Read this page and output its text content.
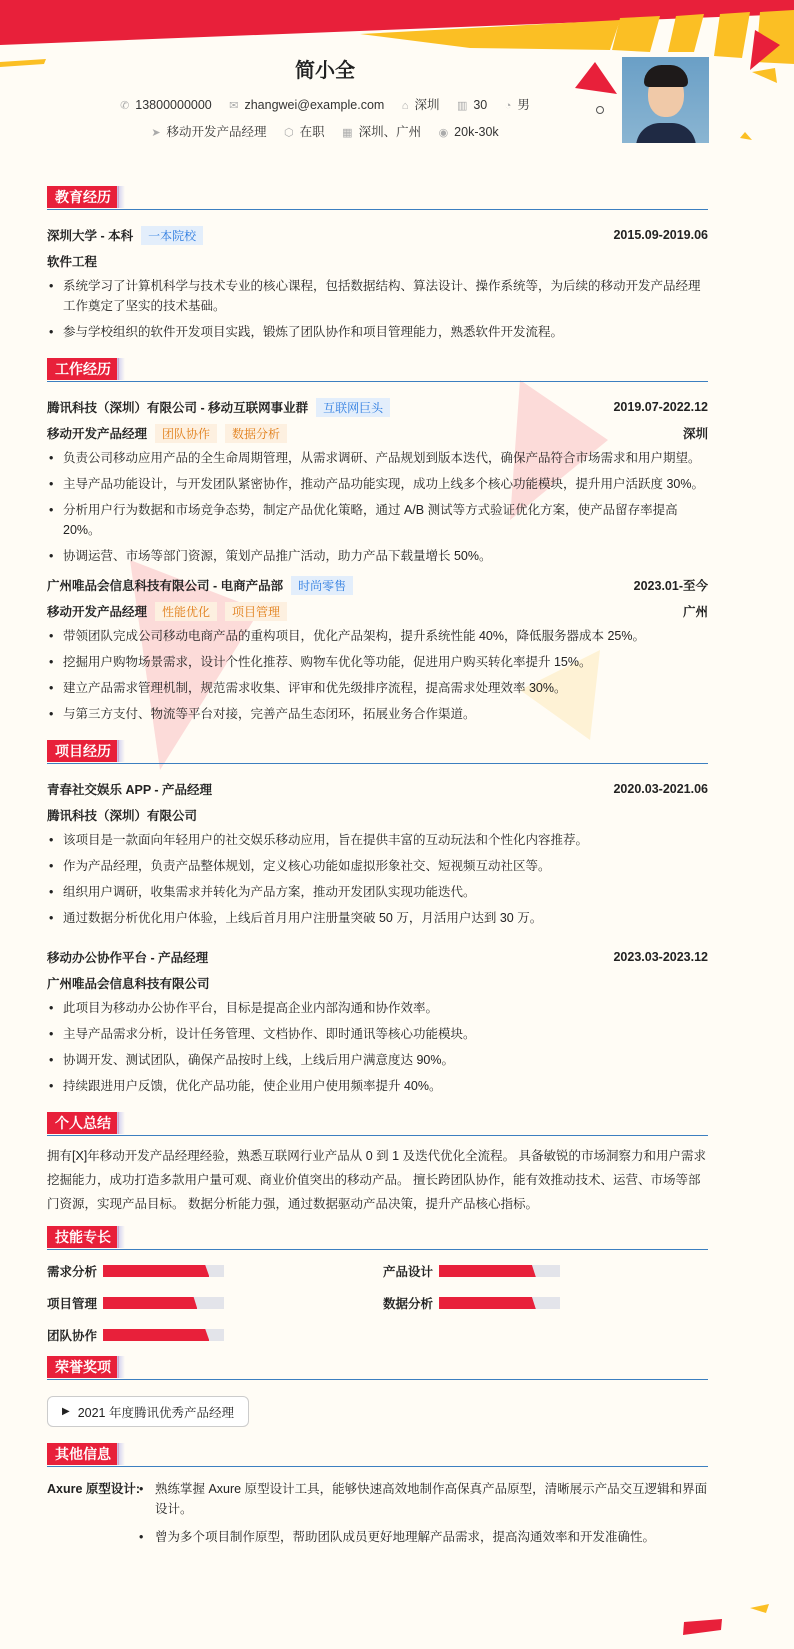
简小全
✆ 13800000000 ✉ zhangwei@example.com ⌂ 深圳 ▥ 30 ◔ 男
➤ 移动开发产品经理 ⬡ 在职 ▦ 深圳、广州 ◉ 20k-30k
教育经历
深圳大学 - 本科 一本院校	2015.09-2019.06
软件工程
• 系统学习了计算机科学与技术专业的核心课程，包括数据结构、算法设计、操作系统等，为后续的移动开发产品经理工作奠定了坚实的技术基础。
• 参与学校组织的软件开发项目实践，锻炼了团队协作和项目管理能力，熟悉软件开发流程。
工作经历
腾讯科技（深圳）有限公司 - 移动互联网事业群 互联网巨头	2019.07-2022.12
移动开发产品经理 团队协作 数据分析	深圳
• 负责公司移动应用产品的全生命周期管理，从需求调研、产品规划到版本迭代，确保产品符合市场需求和用户期望。
• 主导产品功能设计，与开发团队紧密协作，推动产品功能实现，成功上线多个核心功能模块，提升用户活跃度 30%。
• 分析用户行为数据和市场竞争态势，制定产品优化策略，通过 A/B 测试等方式验证优化方案，使产品留存率提高 20%。
• 协调运营、市场等部门资源，策划产品推广活动，助力产品下载量增长 50%。
广州唯品会信息科技有限公司 - 电商产品部 时尚零售	2023.01-至今
移动开发产品经理 性能优化 项目管理	广州
• 带领团队完成公司移动电商产品的重构项目，优化产品架构，提升系统性能 40%，降低服务器成本 25%。
• 挖掘用户购物场景需求，设计个性化推荐、购物车优化等功能，促进用户购买转化率提升 15%。
• 建立产品需求管理机制，规范需求收集、评审和优先级排序流程，提高需求处理效率 30%。
• 与第三方支付、物流等平台对接，完善产品生态闭环，拓展业务合作渠道。
项目经历
青春社交娱乐 APP - 产品经理	2020.03-2021.06
腾讯科技（深圳）有限公司
• 该项目是一款面向年轻用户的社交娱乐移动应用，旨在提供丰富的互动玩法和个性化内容推荐。
• 作为产品经理，负责产品整体规划，定义核心功能如虚拟形象社交、短视频互动社区等。
• 组织用户调研，收集需求并转化为产品方案，推动开发团队实现功能迭代。
• 通过数据分析优化用户体验，上线后首月用户注册量突破 50 万，月活用户达到 30 万。
移动办公协作平台 - 产品经理	2023.03-2023.12
广州唯品会信息科技有限公司
• 此项目为移动办公协作平台，目标是提高企业内部沟通和协作效率。
• 主导产品需求分析，设计任务管理、文档协作、即时通讯等核心功能模块。
• 协调开发、测试团队，确保产品按时上线，上线后用户满意度达 90%。
• 持续跟进用户反馈，优化产品功能，使企业用户使用频率提升 40%。
个人总结

拥有[X]年移动开发产品经理经验，熟悉互联网行业产品从 0 到 1 及迭代优化全流程。 具备敏锐的市场洞察力和用户需求挖掘能力，成功打造多款用户量可观、商业价值突出的移动产品。 擅长跨团队协作，能有效推动技术、运营、市场等部门资源，实现产品目标。 数据分析能力强，通过数据驱动产品决策，提升产品核心指标。

技能专长
需求分析	产品设计
项目管理	数据分析
团队协作
荣誉奖项
▶ 2021 年度腾讯优秀产品经理
其他信息
Axure 原型设计:	• 熟练掌握 Axure 原型设计工具，能够快速高效地制作高保真产品原型，清晰展示产品交互逻辑和界面设计。
• 曾为多个项目制作原型，帮助团队成员更好地理解产品需求，提高沟通效率和开发准确性。
